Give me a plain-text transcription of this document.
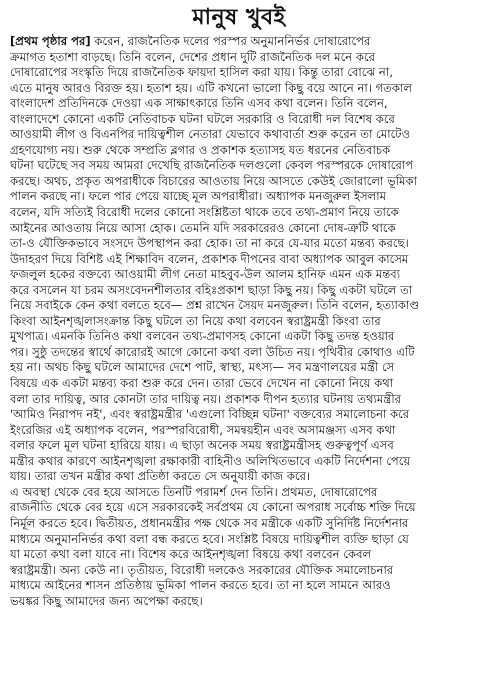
মানুষ খুবই
[প্রথম পৃষ্ঠার পর] করেন, রাজনৈতিক দলের পরস্পর অনুমাননির্ভর দোষারোপের
ক্রমাগত হতাশা বাড়ছে। তিনি বলেন, দেশের প্রধান দুটি রাজনৈতিক দল মনে করে
দোষারোপের সংস্কৃতি দিয়ে রাজনৈতিক ফায়দা হাসিল করা যায়। কিন্তু তারা বোঝে না,
এতে মানুষ আরও বিরক্ত হয়। হতাশ হয়। এটি কখনো ভালো কিছু বয়ে আনে না। গতকাল
বাংলাদেশ প্রতিদিনকে দেওয়া এক সাক্ষাৎকারে তিনি এসব কথা বলেন। তিনি বলেন,
বাংলাদেশে কোনো একটি নেতিবাচক ঘটনা ঘটলে সরকারি ও বিরোধী দল বিশেষ করে
আওয়ামী লীগ ও বিএনপির দায়িত্বশীল নেতারা যেভাবে কথাবার্তা শুরু করেন তা মোটেও
গ্রহণযোগ্য নয়। শুরু থেকে সম্প্রতি ব্লগার ও প্রকাশক হত্যাসহ যত ধরনের নেতিবাচক
ঘটনা ঘটেছে সব সময় আমরা দেখেছি রাজনৈতিক দলগুলো কেবল পরস্পরকে দোষারোপ
করছে। অথচ, প্রকৃত অপরাধীকে বিচারের আওতায় নিয়ে আসতে কেউই জোরালো ভূমিকা
পালন করছে না। ফলে পার পেয়ে যাচ্ছে মূল অপরাধীরা। অধ্যাপক মনজুরুল ইসলাম
বলেন, যদি সত্যিই বিরোধী দলের কোনো সংশ্লিষ্টতা থাকে তবে তথ্য-প্রমাণ নিয়ে তাকে
আইনের আওতায় নিয়ে আসা হোক। তেমনি যদি সরকারেরও কোনো দোষ-ত্রুটি থাকে
তা-ও যৌক্তিকভাবে সংসদে উপস্থাপন করা হোক। তা না করে যে-যার মতো মন্তব্য করছে।
উদাহরণ দিয়ে বিশিষ্ট এই শিক্ষাবিদ বলেন, প্রকাশক দীপনের বাবা অধ্যাপক আবুল কাসেম
ফজলুল হকের বক্তব্যে আওয়ামী লীগ নেতা মাহবুব-উল আলম হানিফ এমন এক মন্তব্য
করে বসলেন যা চরম অসংবেদনশীলতার বহিঃপ্রকাশ ছাড়া কিছু নয়। কিছু একটা ঘটলে তা
নিয়ে সবাইকে কেন কথা বলতে হবে— প্রশ্ন রাখেন সৈয়দ মনজুরুল। তিনি বলেন, হত্যাকাণ্ড
কিংবা আইনশৃঙ্খলাসংক্রান্ত কিছু ঘটলে তা নিয়ে কথা বলবেন স্বরাষ্ট্রমন্ত্রী কিংবা তার
মুখপাত্র। এমনকি তিনিও কথা বলবেন তথ্য-প্রমাণসহ কোনো একটা কিছু তদন্ত হওয়ার
পর। সুষ্ঠু তদন্তের স্বার্থে কারোরই আগে কোনো কথা বলা উচিত নয়। পৃথিবীর কোথাও এটি
হয় না। অথচ কিছু ঘটলে আমাদের দেশে পাট, স্বাস্থ্য, মৎস্য— সব মন্ত্রণালয়ের মন্ত্রী সে
বিষয়ে এক একটা মন্তব্য করা শুরু করে দেন। তারা ভেবে দেখেন না কোনো নিয়ে কথা
বলা তার দায়িত্ব, আর কোনটা তার দায়িত্ব নয়। প্রকাশক দীপন হত্যার ঘটনায় তথ্যমন্ত্রীর
'আমিও নিরাপদ নই', এবং স্বরাষ্ট্রমন্ত্রীর 'এগুলো বিচ্ছিন্ন ঘটনা' বক্তব্যের সমালোচনা করে
ইংরেজির এই অধ্যাপক বলেন, পরস্পরবিরোধী, সমন্বয়হীন এবং অসামঞ্জস্য এসব কথা
বলার ফলে মূল ঘটনা হারিয়ে যায়। এ ছাড়া অনেক সময় স্বরাষ্ট্রমন্ত্রীসহ গুরুত্বপূর্ণ এসব
মন্ত্রীর কথার কারণে আইনশৃঙ্খলা রক্ষাকারী বাহিনীও অলিখিতভাবে একটি নির্দেশনা পেয়ে
যায়। তারা তখন মন্ত্রীর কথা প্রতিষ্ঠা করতে সে অনুযায়ী কাজ করে।
এ অবস্থা থেকে বের হয়ে আসতে তিনটি পরামর্শ দেন তিনি। প্রথমত, দোষারোপের
রাজনীতি থেকে বের হয়ে এসে সরকারকেই সর্বপ্রথম যে কোনো অপরাধ সর্বোচ্চ শক্তি দিয়ে
নির্মূল করতে হবে। দ্বিতীয়ত, প্রধানমন্ত্রীর পক্ষ থেকে সব মন্ত্রীকে একটি সুনির্দিষ্ট নির্দেশনার
মাধ্যমে অনুমাননির্ভর কথা বলা বন্ধ করতে হবে। সংশ্লিষ্ট বিষয়ে দায়িত্বশীল ব্যক্তি ছাড়া যে
যা মতো কথা বলা যাবে না। বিশেষ করে আইনশৃঙ্খলা বিষয়ে কথা বলবেন কেবল
স্বরাষ্ট্রমন্ত্রী। অন্য কেউ না। তৃতীয়ত, বিরোধী দলকেও সরকারের যৌক্তিক সমালোচনার
মাধ্যমে আইনের শাসন প্রতিষ্ঠায় ভূমিকা পালন করতে হবে। তা না হলে সামনে আরও
ভয়ঙ্কর কিছু আমাদের জন্য অপেক্ষা করছে।
